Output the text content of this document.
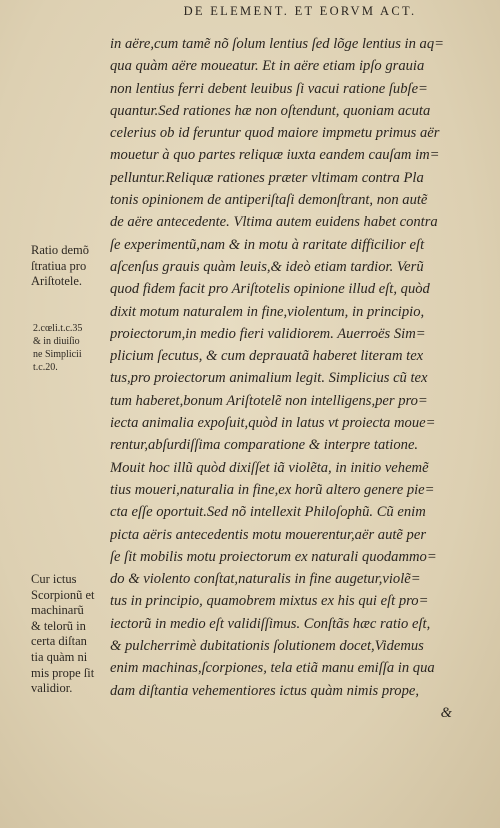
DE ELEMENT. ET EORVM ACT.
in aëre,cum tamẽ nõ ſolum lentius ſed lõge lentius in aq=
qua quàm aëre moueatur. Et in aëre etiam ipſo grauia
non lentius ferri debent leuibus ſi vacui ratione ſubſe=
quantur.Sed rationes hæ non oſtendunt, quoniam acuta
celerius ob id feruntur quod maiore impmetu primus aër
mouetur à quo partes reliquæ iuxta eandem cauſam im=
pelluntur.Reliquæ rationes præter vltimam contra Pla
tonis opinionem de antiperiſtaſi demonſtrant, non autẽ
de aëre antecedente. Vltima autem euidens habet contra
ſe experimentũ,nam & in motu à raritate difficilior eſt
aſcenſus grauis quàm leuis,& ideò etiam tardior. Verũ
quod fidem facit pro Ariſtotelis opinione illud eſt, quòd
dixit motum naturalem in fine,violentum, in principio,
proiectorum,in medio fieri validiorem. Auerroës Sim=
plicium ſecutus, & cum deprauatã haberet literam tex
tus,pro proiectorum animalium legit. Simplicius cũ tex
tum haberet,bonum Ariſtotelẽ non intelligens,per pro=
iecta animalia expoſuit,quòd in latus vt proiecta moue=
rentur,abſurdiſſima comparatione & interpre tatione.
Mouit hoc illũ quòd dixiſſet iã violẽta, in initio vehemẽ
tius moueri,naturalia in fine,ex horũ altero genere pie=
cta eſſe oportuit.Sed nõ intellexit Philoſophũ. Cũ enim
picta aëris antecedentis motu mouerentur,aër autẽ per
ſe ſit mobilis motu proiectorum ex naturali quodammo=
do & violento conſtat,naturalis in fine augetur,violẽ=
tus in principio, quamobrem mixtus ex his qui eſt pro=
iectorũ in medio eſt validiſſimus. Conſtãs hæc ratio eſt,
& pulcherrimè dubitationis ſolutionem docet,Videmus
enim machinas,ſcorpiones, tela etiã manu emiſſa in qua
dam diſtantia vehementiores ictus quàm nimis prope,
&
Ratio demõ
ſtratiua pro
Ariſtotele.
2.cœli.t.c.35
& in diuiſio
ne Simplicii
t.c.20.
Cur ictus
Scorpionũ et
machinarũ
& telorũ in
certa diſtan
tia quàm ni
mis prope ſit
validior.
